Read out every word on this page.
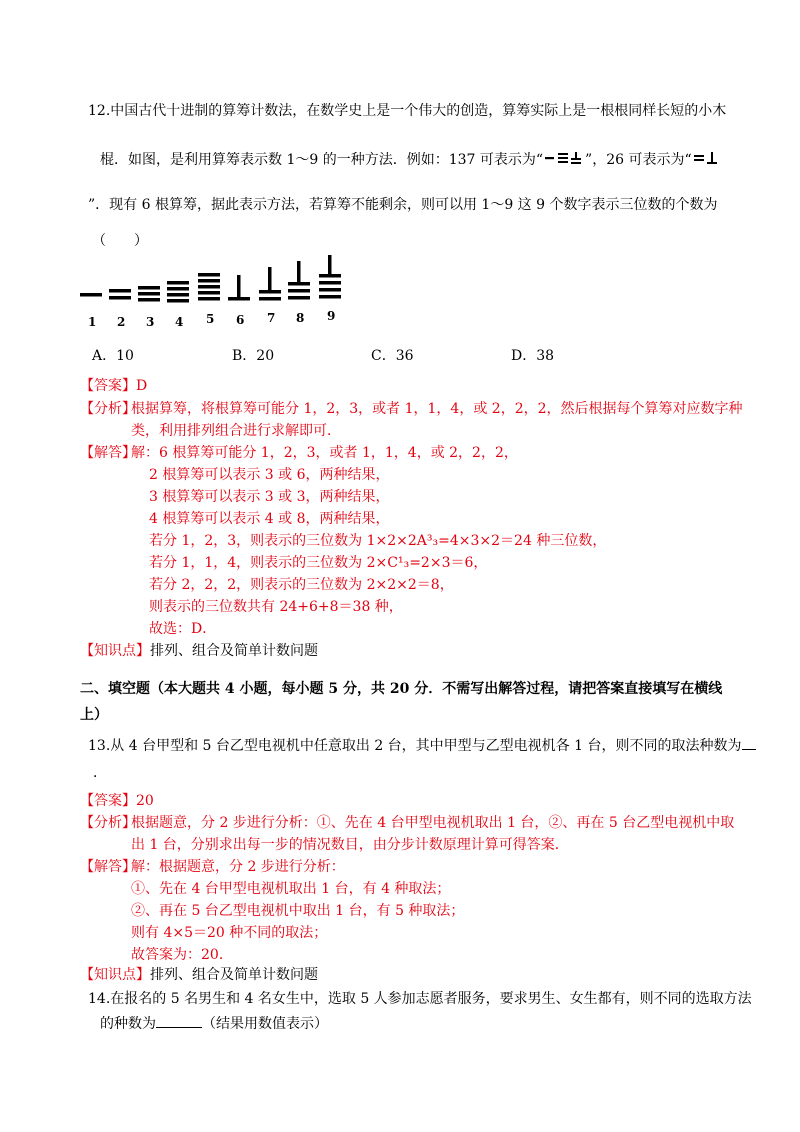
12.中国古代十进制的算筹计数法，在数学史上是一个伟大的创造，算筹实际上是一根根同样长短的小木
棍．如图，是利用算筹表示数 1～9 的一种方法．例如：137 可表示为“	”，26 可表示为“
”．现有 6 根算筹，据此表示方法，若算筹不能剩余，则可以用 1～9 这 9 个数字表示三位数的个数为
（　　）
1 2 3 4 5 6 7 8 9
A．10	B．20	C．36	D．38
【答案】D
【分析】
根据算筹，将根算筹可能分 1，2，3，或者 1，1，4，或 2，2，2，然后根据每个算筹对应数字种
类，利用排列组合进行求解即可．
【解答】
解：6 根算筹可能分 1，2，3，或者 1，1，4，或 2，2，2，
2 根算筹可以表示 3 或 6，两种结果，
3 根算筹可以表示 3 或 3，两种结果，
4 根算筹可以表示 4 或 8，两种结果，
若分 1，2，3，则表示的三位数为 1×2×2A³₃=4×3×2＝24 种三位数，
若分 1，1，4，则表示的三位数为 2×C¹₃=2×3＝6，
若分 2，2，2，则表示的三位数为 2×2×2＝8，
则表示的三位数共有 24+6+8＝38 种，
故选：D．
【知识点】排列、组合及简单计数问题
二、填空题（本大题共 4 小题，每小题 5 分，共 20 分．不需写出解答过程，请把答案直接填写在横线
上）
13.从 4 台甲型和 5 台乙型电视机中任意取出 2 台，其中甲型与乙型电视机各 1 台，则不同的取法种数为
．
【答案】20
【分析】
根据题意，分 2 步进行分析：①、先在 4 台甲型电视机取出 1 台，②、再在 5 台乙型电视机中取
出 1 台，分别求出每一步的情况数目，由分步计数原理计算可得答案．
【解答】
解：根据题意，分 2 步进行分析：
①、先在 4 台甲型电视机取出 1 台，有 4 种取法；
②、再在 5 台乙型电视机中取出 1 台，有 5 种取法；
则有 4×5＝20 种不同的取法；
故答案为：20．
【知识点】排列、组合及简单计数问题
14.在报名的 5 名男生和 4 名女生中，选取 5 人参加志愿者服务，要求男生、女生都有，则不同的选取方法
的种数为	（结果用数值表示）
